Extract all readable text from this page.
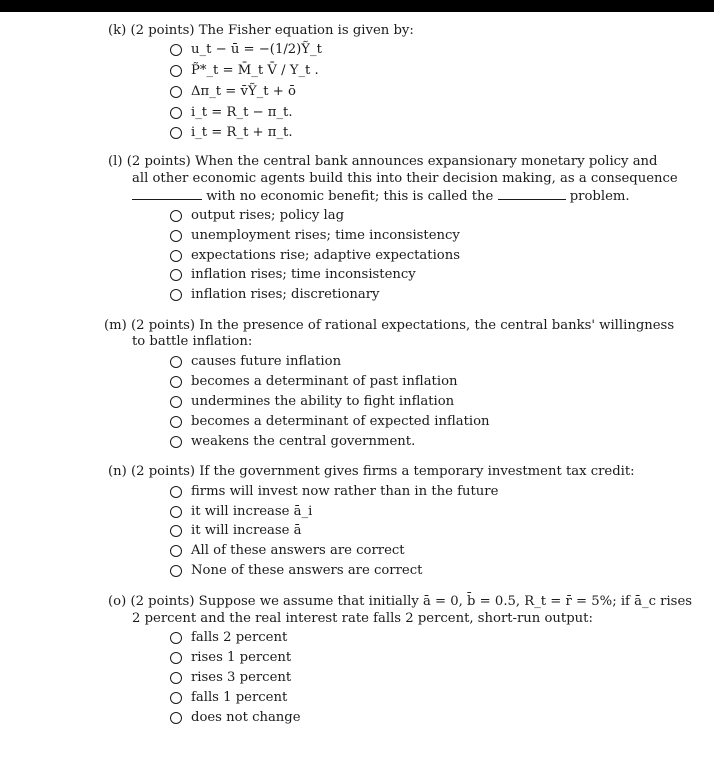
(k) (2 points) The Fisher equation is given by:
u_t − ū = −(1/2)Ỹ_t
P̃*_t = M̄_t V̄ / Y_t .
Δπ_t = v̄Ỹ_t + ō
i_t = R_t − π_t.
i_t = R_t + π_t.
(l) (2 points) When the central bank announces expansionary monetary policy and
all other economic agents build this into their decision making, as a consequence
with no economic benefit; this is called the	problem.
output rises; policy lag
unemployment rises; time inconsistency
expectations rise; adaptive expectations
inflation rises; time inconsistency
inflation rises; discretionary
(m) (2 points) In the presence of rational expectations, the central banks' willingness
to battle inflation:
causes future inflation
becomes a determinant of past inflation
undermines the ability to fight inflation
becomes a determinant of expected inflation
weakens the central government.
(n) (2 points) If the government gives firms a temporary investment tax credit:
firms will invest now rather than in the future
it will increase ā_i
it will increase ā
All of these answers are correct
None of these answers are correct
(o) (2 points) Suppose we assume that initially ā = 0, b̄ = 0.5, R_t = r̄ = 5%; if ā_c rises
2 percent and the real interest rate falls 2 percent, short-run output:
falls 2 percent
rises 1 percent
rises 3 percent
falls 1 percent
does not change
